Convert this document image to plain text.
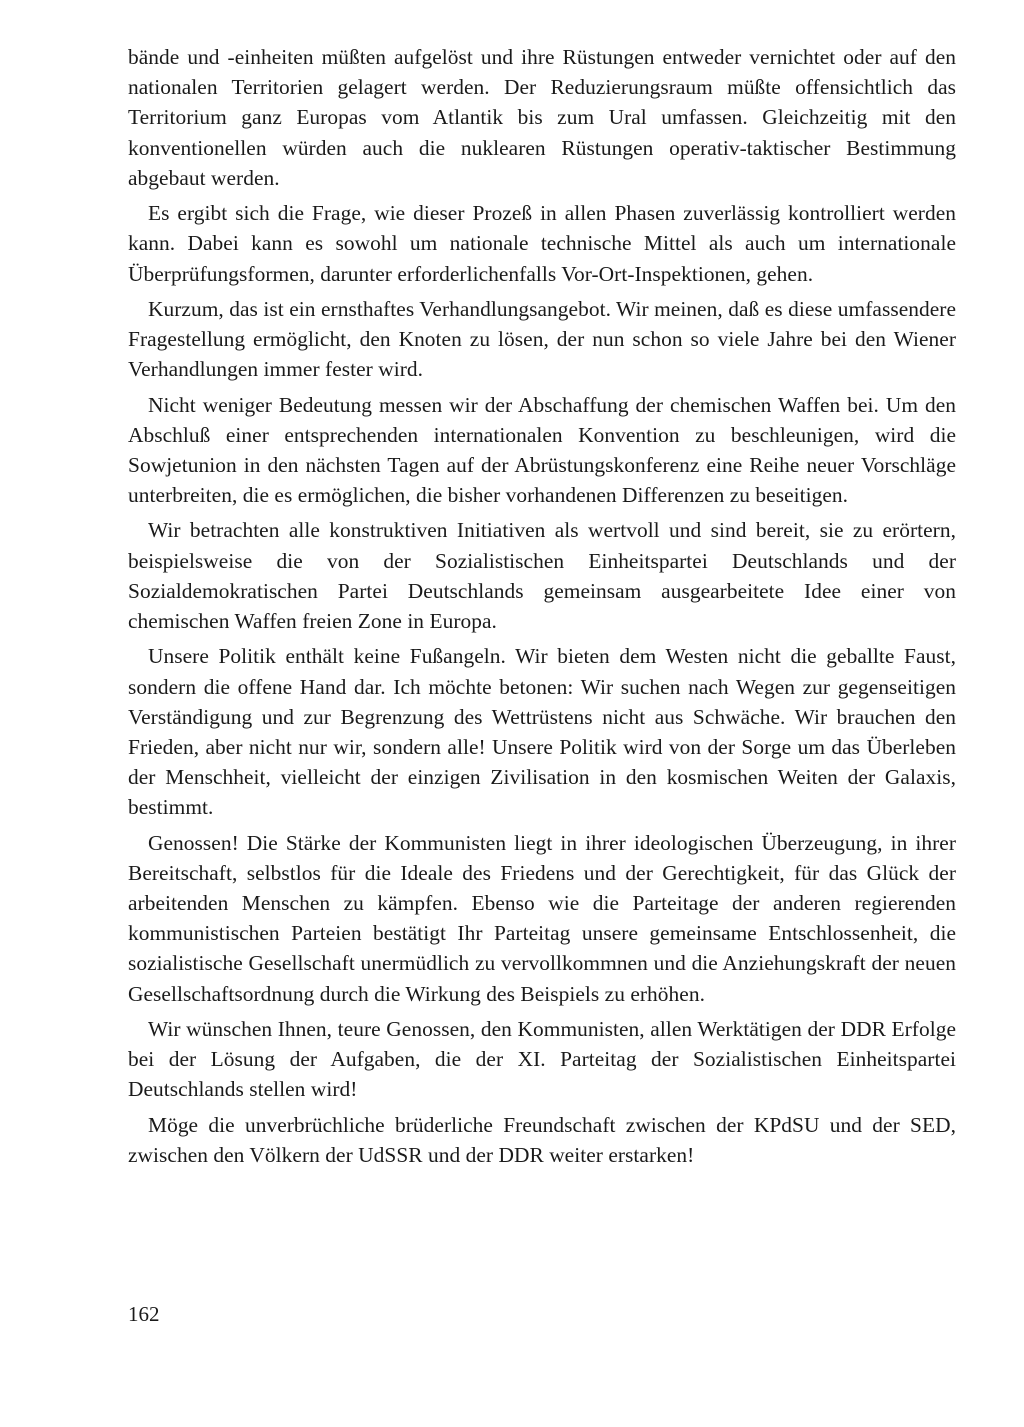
bände und -einheiten müßten aufgelöst und ihre Rüstungen entweder vernichtet oder auf den nationalen Territorien gelagert werden. Der Reduzierungsraum müßte offensichtlich das Territorium ganz Europas vom Atlantik bis zum Ural umfassen. Gleichzeitig mit den konventionellen würden auch die nuklearen Rüstungen operativ-taktischer Bestimmung abgebaut werden.

Es ergibt sich die Frage, wie dieser Prozeß in allen Phasen zuverlässig kontrolliert werden kann. Dabei kann es sowohl um nationale technische Mittel als auch um internationale Überprüfungsformen, darunter erforderlichenfalls Vor-Ort-Inspektionen, gehen.

Kurzum, das ist ein ernsthaftes Verhandlungsangebot. Wir meinen, daß es diese umfassendere Fragestellung ermöglicht, den Knoten zu lösen, der nun schon so viele Jahre bei den Wiener Verhandlungen immer fester wird.

Nicht weniger Bedeutung messen wir der Abschaffung der chemischen Waffen bei. Um den Abschluß einer entsprechenden internationalen Konvention zu beschleunigen, wird die Sowjetunion in den nächsten Tagen auf der Abrüstungskonferenz eine Reihe neuer Vorschläge unterbreiten, die es ermöglichen, die bisher vorhandenen Differenzen zu beseitigen.

Wir betrachten alle konstruktiven Initiativen als wertvoll und sind bereit, sie zu erörtern, beispielsweise die von der Sozialistischen Einheitspartei Deutschlands und der Sozialdemokratischen Partei Deutschlands gemeinsam ausgearbeitete Idee einer von chemischen Waffen freien Zone in Europa.

Unsere Politik enthält keine Fußangeln. Wir bieten dem Westen nicht die geballte Faust, sondern die offene Hand dar. Ich möchte betonen: Wir suchen nach Wegen zur gegenseitigen Verständigung und zur Begrenzung des Wettrüstens nicht aus Schwäche. Wir brauchen den Frieden, aber nicht nur wir, sondern alle! Unsere Politik wird von der Sorge um das Überleben der Menschheit, vielleicht der einzigen Zivilisation in den kosmischen Weiten der Galaxis, bestimmt.

Genossen! Die Stärke der Kommunisten liegt in ihrer ideologischen Überzeugung, in ihrer Bereitschaft, selbstlos für die Ideale des Friedens und der Gerechtigkeit, für das Glück der arbeitenden Menschen zu kämpfen. Ebenso wie die Parteitage der anderen regierenden kommunistischen Parteien bestätigt Ihr Parteitag unsere gemeinsame Entschlossenheit, die sozialistische Gesellschaft unermüdlich zu vervollkommnen und die Anziehungskraft der neuen Gesellschaftsordnung durch die Wirkung des Beispiels zu erhöhen.

Wir wünschen Ihnen, teure Genossen, den Kommunisten, allen Werktätigen der DDR Erfolge bei der Lösung der Aufgaben, die der XI. Parteitag der Sozialistischen Einheitspartei Deutschlands stellen wird!

Möge die unverbrüchliche brüderliche Freundschaft zwischen der KPdSU und der SED, zwischen den Völkern der UdSSR und der DDR weiter erstarken!

162
